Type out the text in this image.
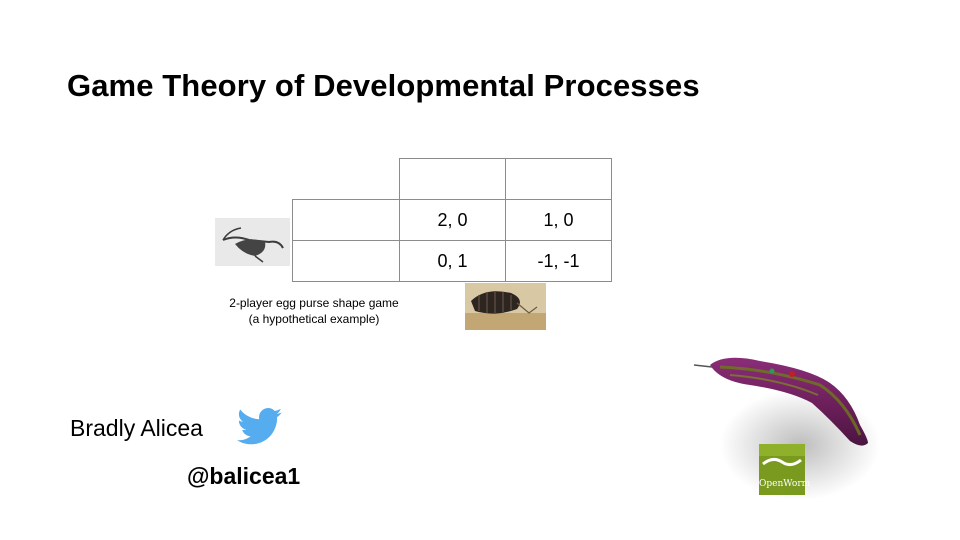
Game Theory of Developmental Processes

	2, 0	1, 0
	0, 1	-1, -1
2-player egg purse shape game
(a hypothetical example)
Bradly Alicea
@balicea1	OpenWorm
